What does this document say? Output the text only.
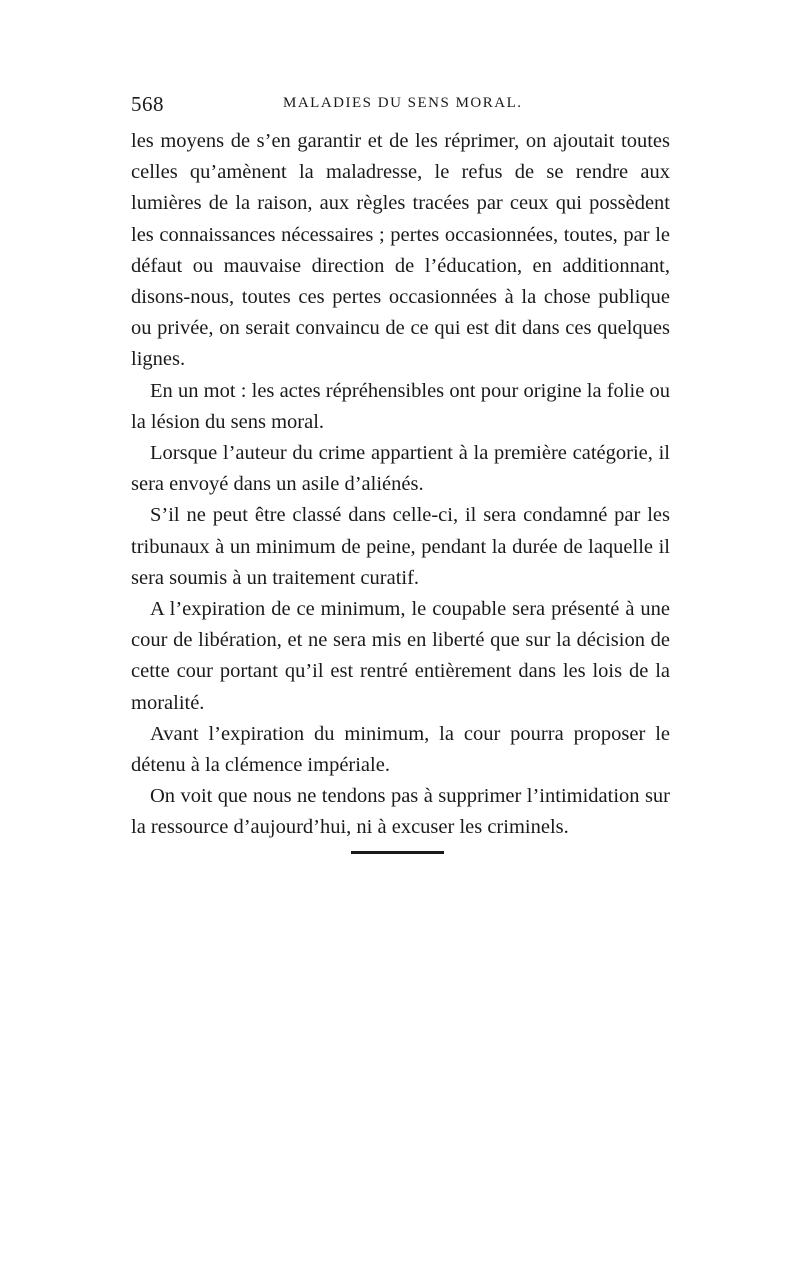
568	MALADIES DU SENS MORAL.

les moyens de s’en garantir et de les réprimer, on ajoutait toutes celles qu’amènent la maladresse, le refus de se rendre aux lumières de la raison, aux règles tracées par ceux qui possèdent les connaissances nécessaires ; pertes occasionnées, toutes, par le défaut ou mauvaise direction de l’éducation, en additionnant, disons-nous, toutes ces pertes occasionnées à la chose publique ou privée, on serait convaincu de ce qui est dit dans ces quelques lignes.

En un mot : les actes répréhensibles ont pour origine la folie ou la lésion du sens moral.

Lorsque l’auteur du crime appartient à la première catégorie, il sera envoyé dans un asile d’aliénés.

S’il ne peut être classé dans celle-ci, il sera condamné par les tribunaux à un minimum de peine, pendant la durée de laquelle il sera soumis à un traitement curatif.

A l’expiration de ce minimum, le coupable sera présenté à une cour de libération, et ne sera mis en liberté que sur la décision de cette cour portant qu’il est rentré entièrement dans les lois de la moralité.

Avant l’expiration du minimum, la cour pourra proposer le détenu à la clémence impériale.

On voit que nous ne tendons pas à supprimer l’intimidation sur la ressource d’aujourd’hui, ni à excuser les criminels.
